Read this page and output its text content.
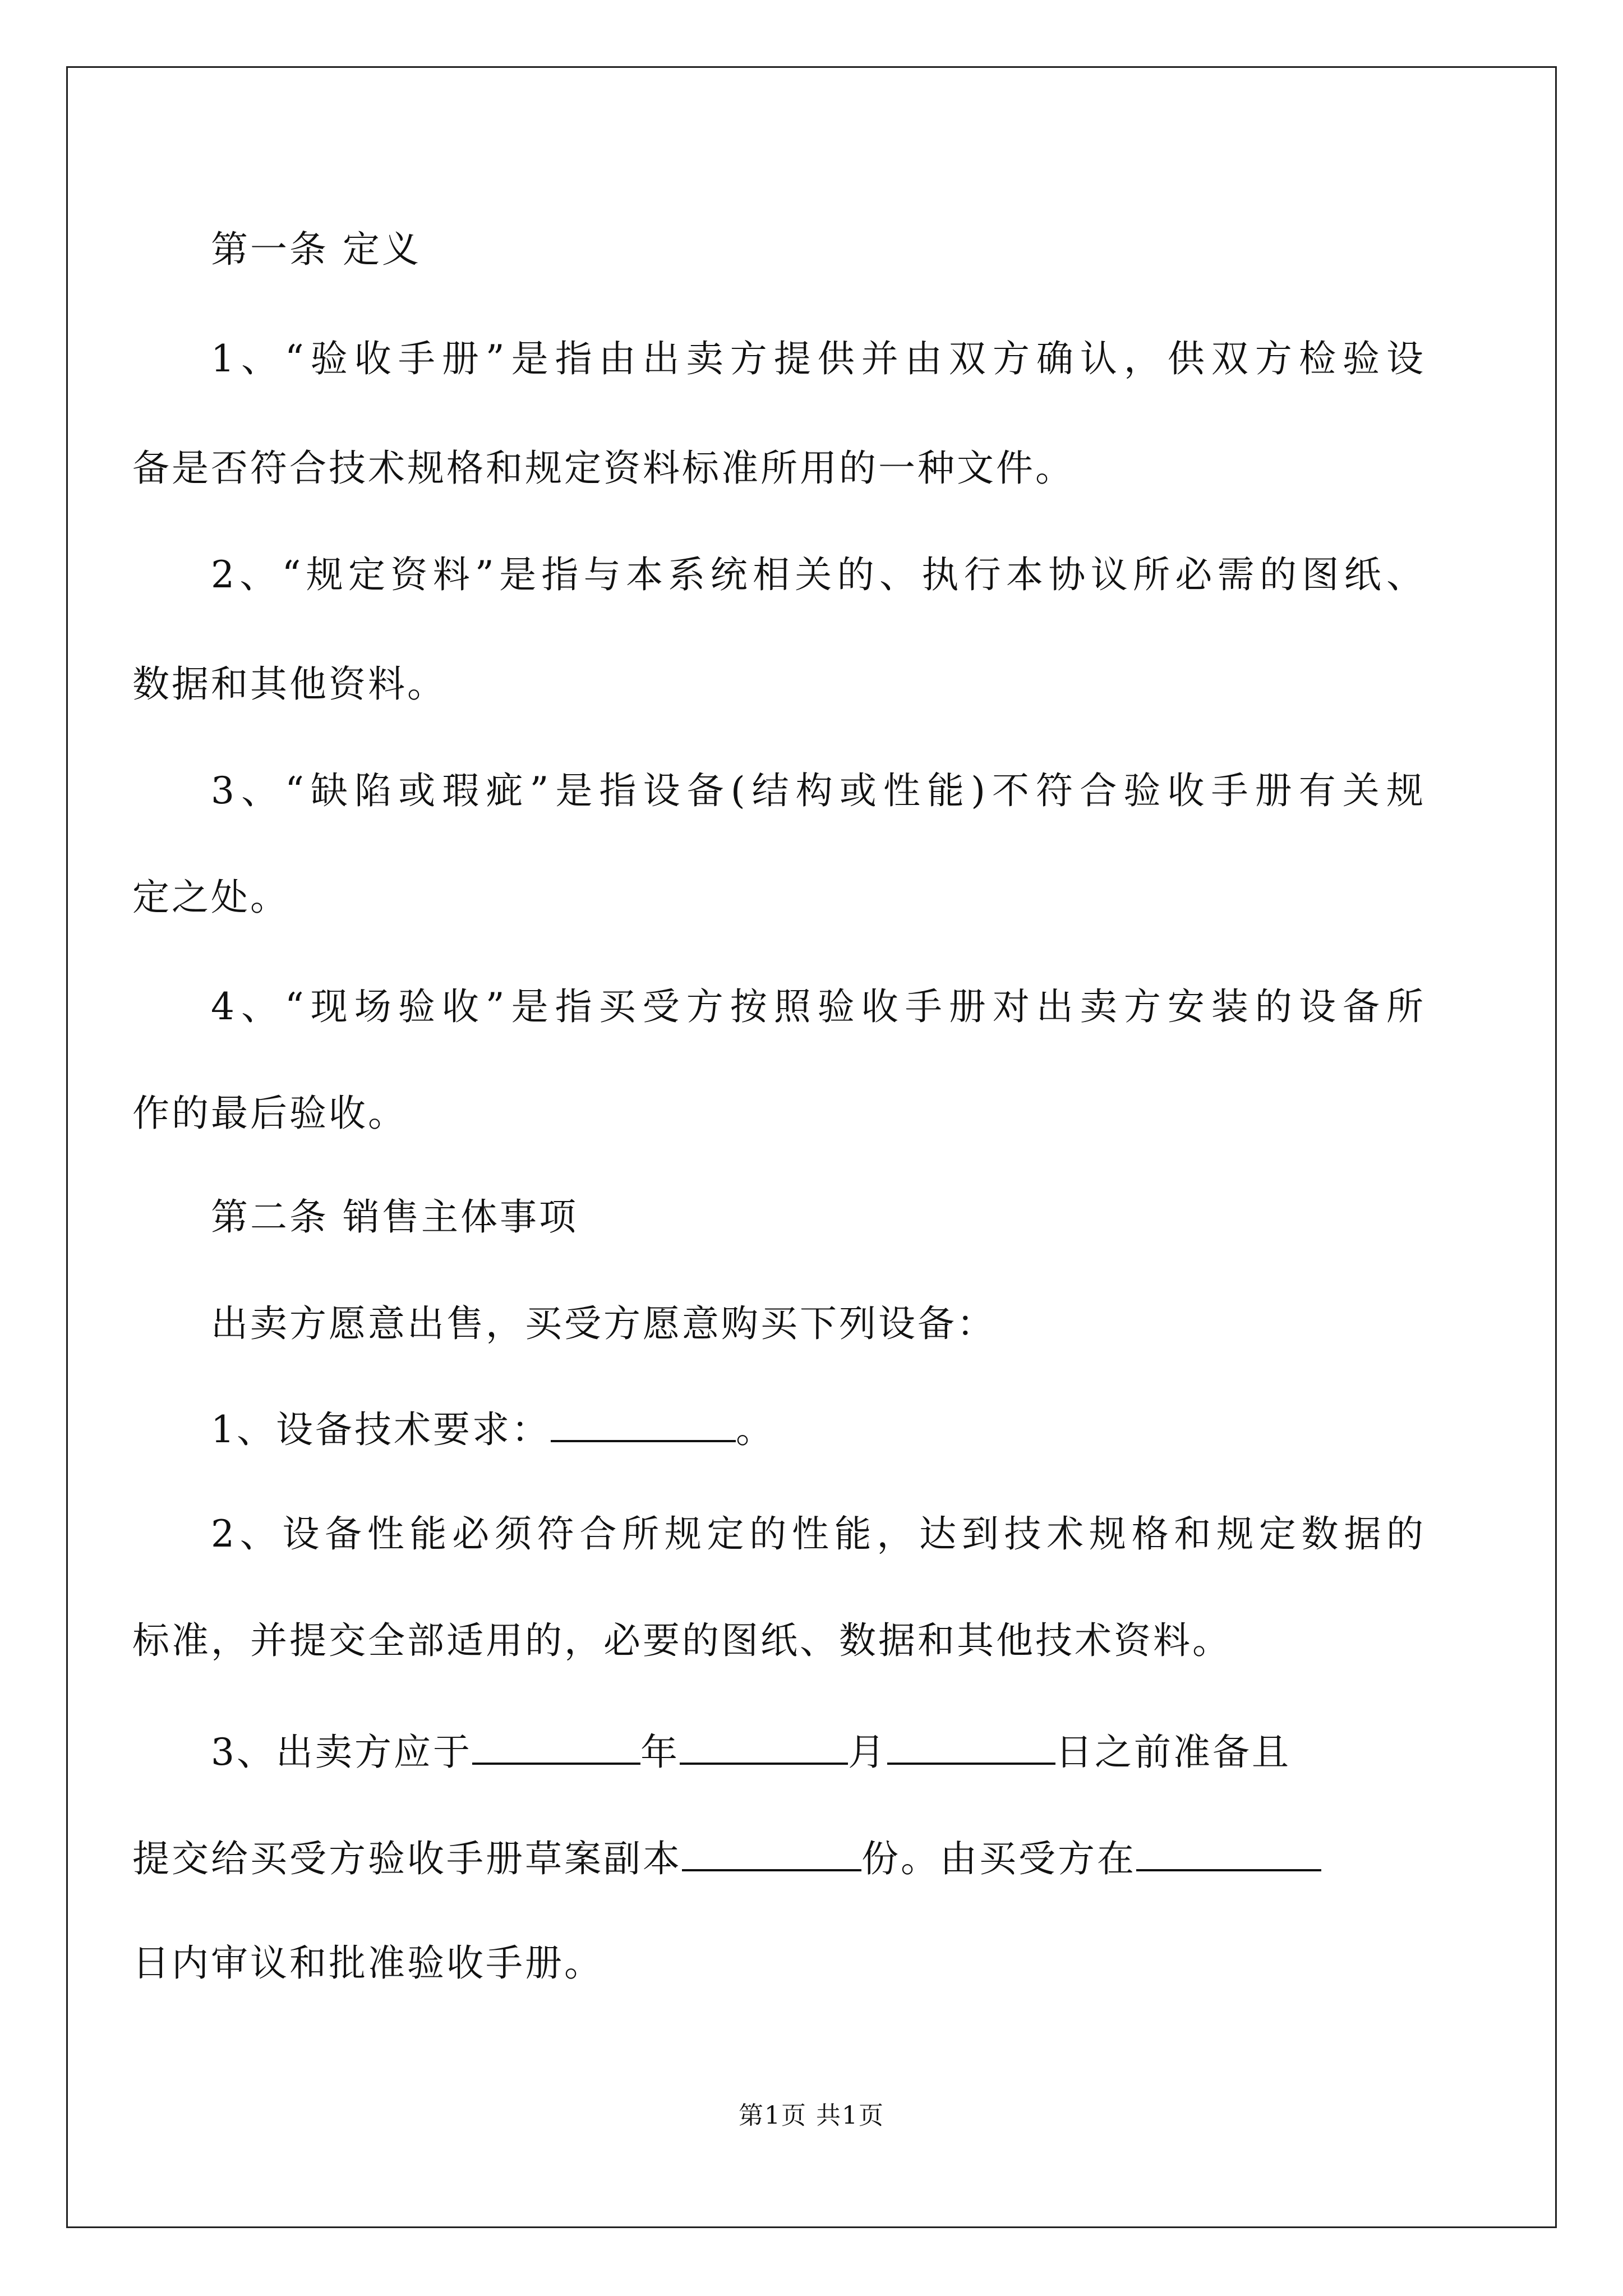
第一条 定义
1、“验收手册”是指由出卖方提供并由双方确认，供双方检验设
备是否符合技术规格和规定资料标准所用的一种文件。
2、“规定资料”是指与本系统相关的、执行本协议所必需的图纸、
数据和其他资料。
3、“缺陷或瑕疵”是指设备(结构或性能)不符合验收手册有关规
定之处。
4、“现场验收”是指买受方按照验收手册对出卖方安装的设备所
作的最后验收。
第二条 销售主体事项
出卖方愿意出售，买受方愿意购买下列设备：
1、设备技术要求：	。
2、设备性能必须符合所规定的性能，达到技术规格和规定数据的
标准，并提交全部适用的，必要的图纸、数据和其他技术资料。
3、出卖方应于	年	月	日之前准备且
提交给买受方验收手册草案副本	份。由买受方在
日内审议和批准验收手册。
第1页 共1页
